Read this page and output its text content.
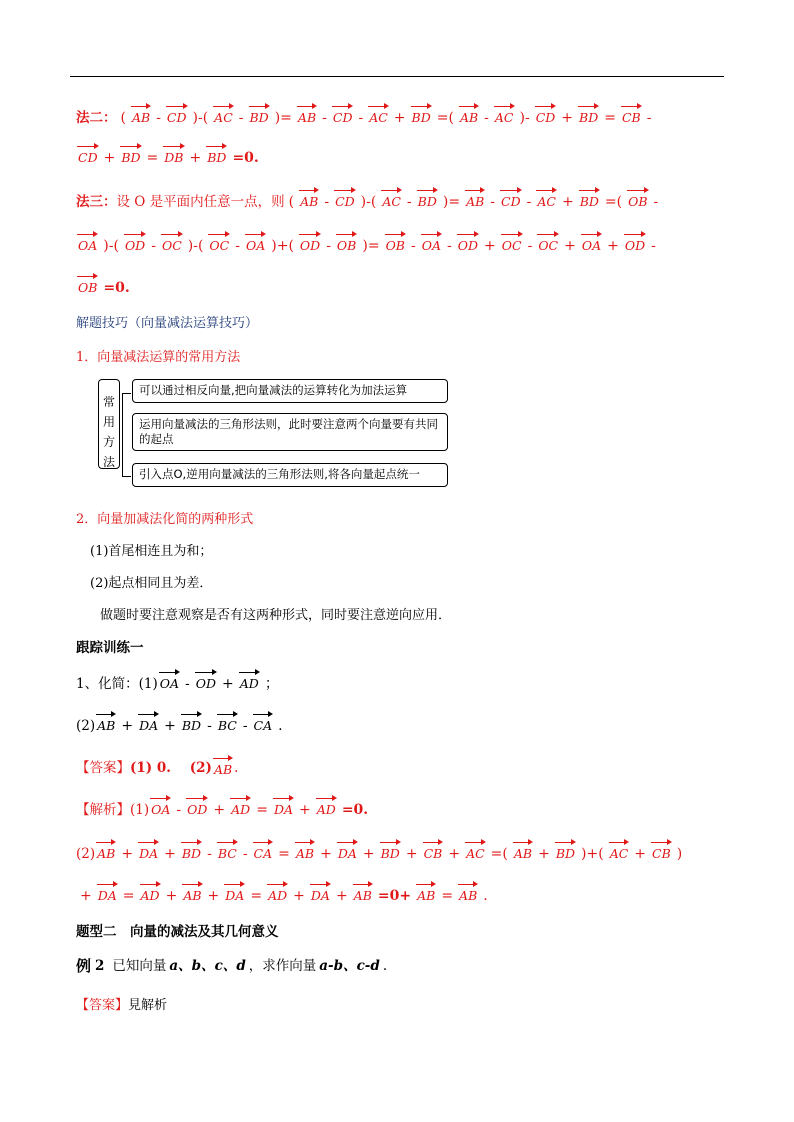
法二： ( AB - CD )-( AC - BD )= AB - CD - AC + BD =( AB - AC )- CD + BD = CB -
CD + BD = DB + BD =0.
法三： 设 O 是平面内任意一点，则 ( AB - CD )-( AC - BD )= AB - CD - AC + BD =( OB -
OA )-( OD - OC )-( OC - OA )+( OD - OB )= OB - OA - OD + OC - OC + OA + OD -
OB =0.
解题技巧（向量减法运算技巧）
1．向量减法运算的常用方法
常用方法
可以通过相反向量,把向量减法的运算转化为加法运算
运用向量减法的三角形法则，此时要注意两个向量要有共同的起点
引入点O,逆用向量减法的三角形法则,将各向量起点统一
2．向量加减法化简的两种形式
(1)首尾相连且为和；
(2)起点相同且为差．
做题时要注意观察是否有这两种形式，同时要注意逆向应用．
跟踪训练一
1、化简：(1) OA - OD + AD ；
(2) AB + DA + BD - BC - CA .
【答案】 (1) 0.    (2) AB .
【解析】 (1) OA - OD + AD = DA + AD =0.
(2) AB + DA + BD - BC - CA = AB + DA + BD + CB + AC =( AB + BD )+( AC + CB )
+ DA = AD + AB + DA = AD + DA + AB =0+ AB = AB .
题型二　向量的减法及其几何意义
例 2 已知向量 a、b、c、d ，求作向量 a-b、c-d .
【答案】 見解析
